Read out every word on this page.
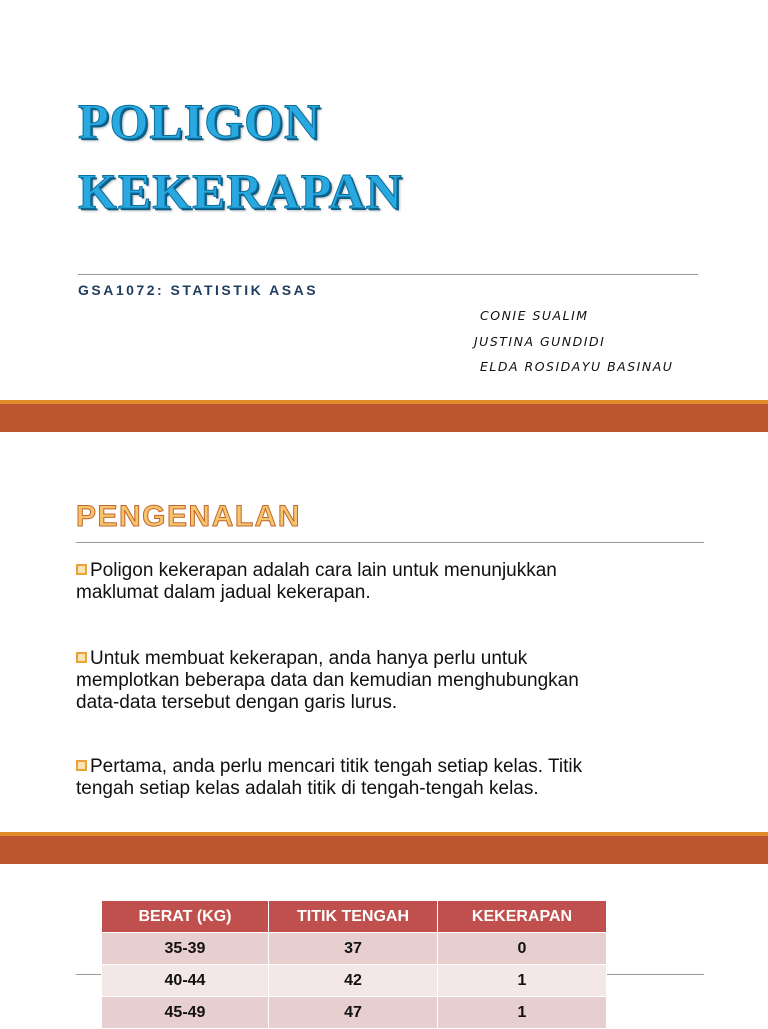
POLIGON
KEKERAPAN
GSA1072: STATISTIK ASAS
CONIE SUALIM
JUSTINA GUNDIDI
ELDA ROSIDAYU BASINAU
PENGENALAN
Poligon kekerapan adalah cara lain untuk menunjukkan
maklumat dalam jadual kekerapan.
Untuk membuat kekerapan, anda hanya perlu untuk
memplotkan beberapa data dan kemudian menghubungkan
data-data tersebut dengan garis lurus.
Pertama, anda perlu mencari titik tengah setiap kelas. Titik
tengah setiap kelas adalah titik di tengah-tengah kelas.
BERAT (KG)	TITIK TENGAH	KEKERAPAN
35-39	37	0
40-44	42	1
45-49	47	1
